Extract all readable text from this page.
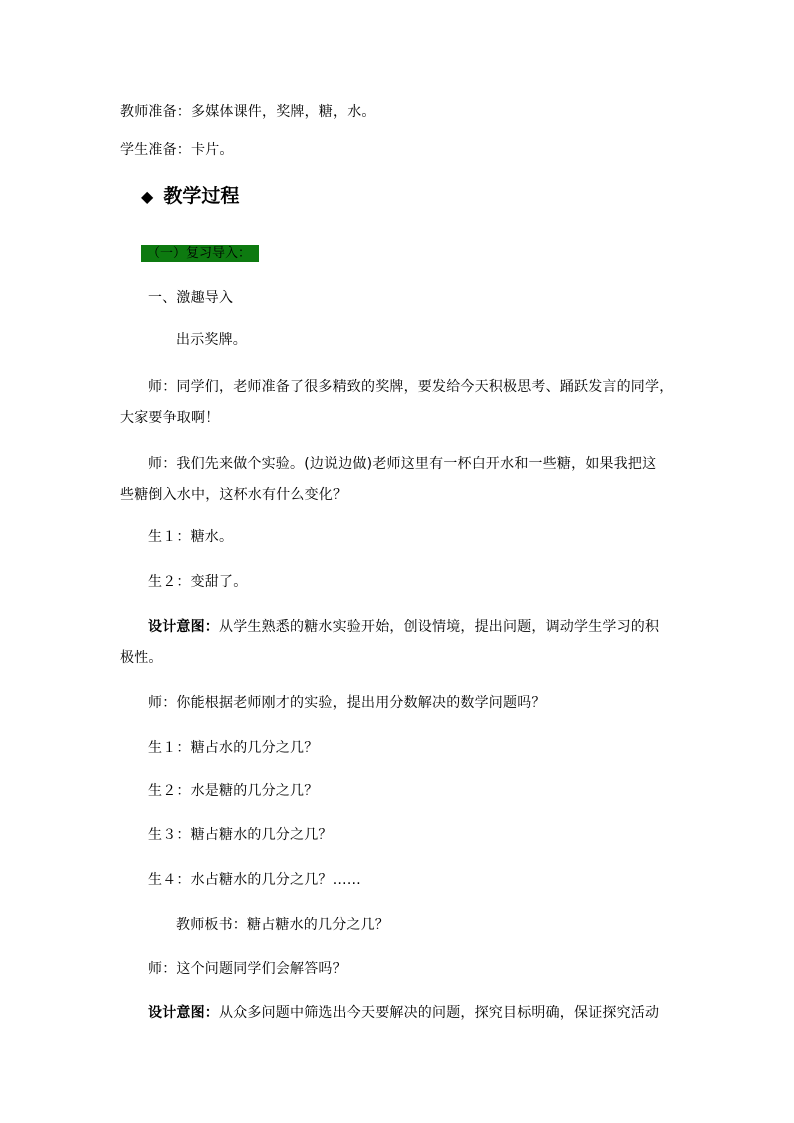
教师准备：多媒体课件，奖牌，糖，水。
学生准备：卡片。
◆ 教学过程
（一）复习导入：
一、激趣导入
出示奖牌。
师：同学们，老师准备了很多精致的奖牌，要发给今天积极思考、踊跃发言的同学，
大家要争取啊！
师：我们先来做个实验。(边说边做)老师这里有一杯白开水和一些糖，如果我把这
些糖倒入水中，这杯水有什么变化？
生１：糖水。
生２：变甜了。
设计意图：从学生熟悉的糖水实验开始，创设情境，提出问题，调动学生学习的积
极性。
师：你能根据老师刚才的实验，提出用分数解决的数学问题吗？
生１：糖占水的几分之几？
生２：水是糖的几分之几？
生３：糖占糖水的几分之几？
生４：水占糖水的几分之几？……
教师板书：糖占糖水的几分之几？
师：这个问题同学们会解答吗？
设计意图：从众多问题中筛选出今天要解决的问题，探究目标明确，保证探究活动
